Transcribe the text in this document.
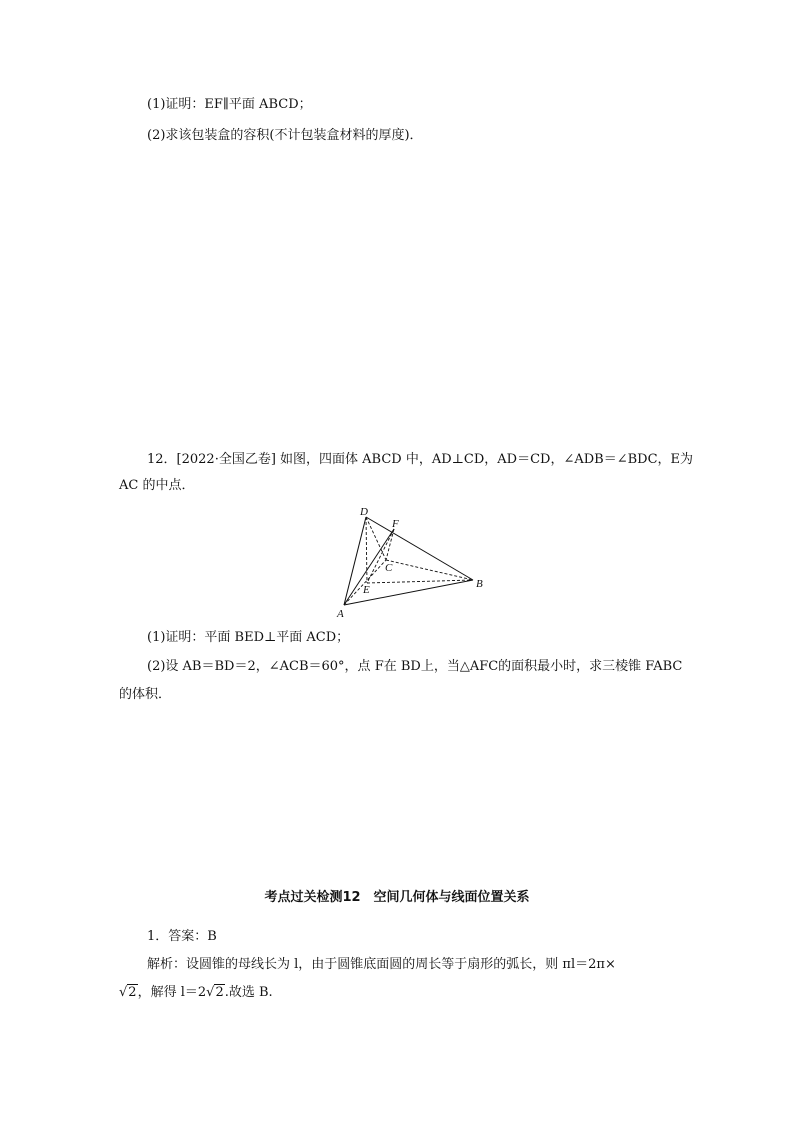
(1)证明：EF∥平面 ABCD；
(2)求该包装盒的容积(不计包装盒材料的厚度)．
12．[2022·全国乙卷] 如图，四面体 ABCD 中，AD⊥CD，AD＝CD，∠ADB＝∠BDC，E为
AC 的中点．
D
F
C
E	B
A
(1)证明：平面 BED⊥平面 ACD；
(2)设 AB＝BD＝2，∠ACB＝60°，点 F在 BD上，当△AFC的面积最小时，求三棱锥 FABC
的体积．
考点过关检测12　空间几何体与线面位置关系
1．答案：B
解析：设圆锥的母线长为 l，由于圆锥底面圆的周长等于扇形的弧长，则 πl＝2π×
√2，解得 l＝2√2.故选 B.
